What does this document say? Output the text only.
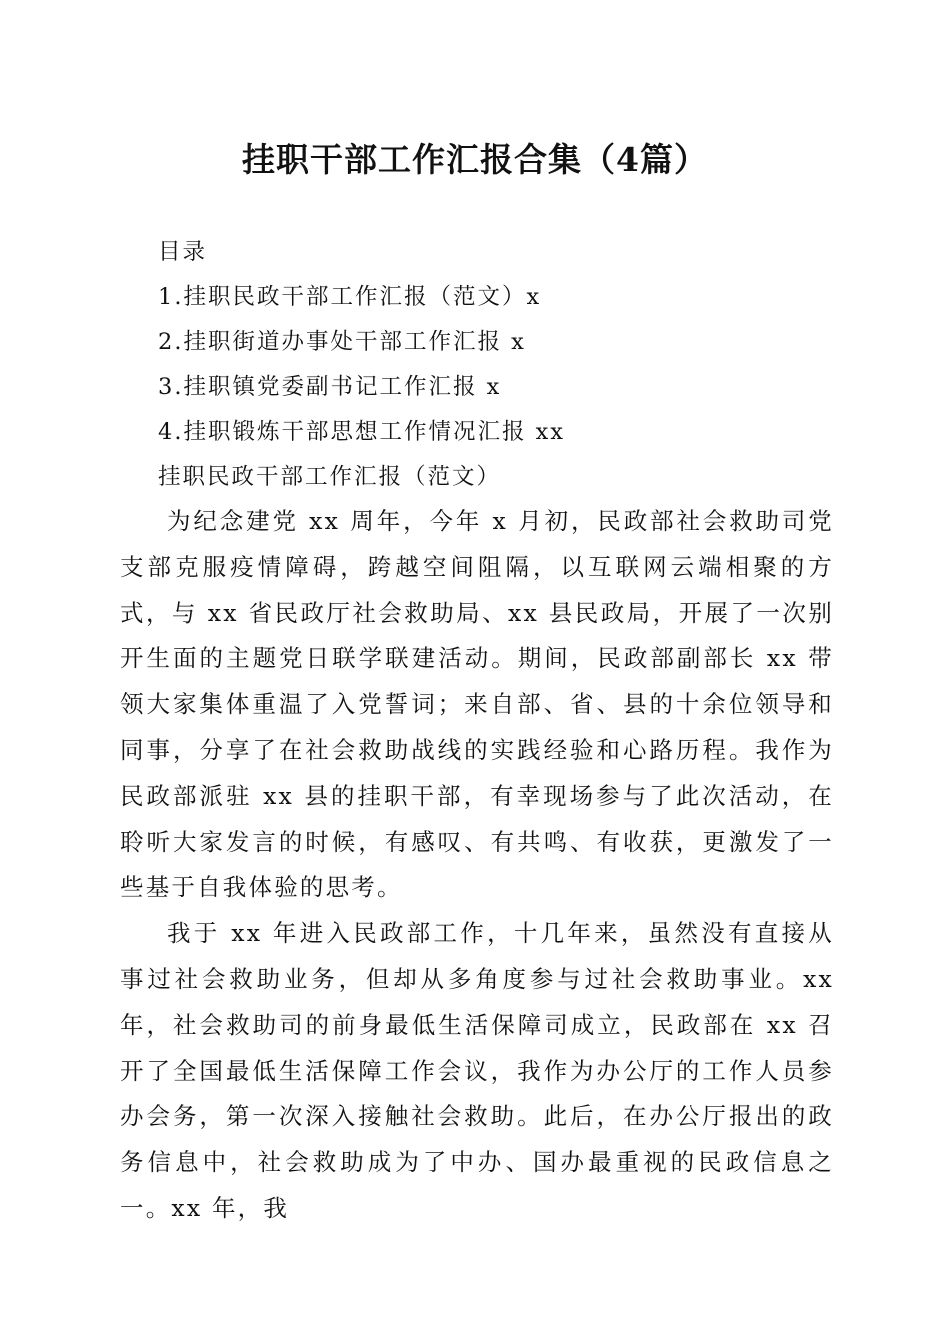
挂职干部工作汇报合集（4篇）
目录
1.挂职民政干部工作汇报（范文）x
2.挂职街道办事处干部工作汇报 x
3.挂职镇党委副书记工作汇报 x
4.挂职锻炼干部思想工作情况汇报 xx
挂职民政干部工作汇报（范文）

为纪念建党 xx 周年，今年 x 月初，民政部社会救助司党支部克服疫情障碍，跨越空间阻隔，以互联网云端相聚的方式，与 xx 省民政厅社会救助局、xx 县民政局，开展了一次别开生面的主题党日联学联建活动。期间，民政部副部长 xx 带领大家集体重温了入党誓词；来自部、省、县的十余位领导和同事，分享了在社会救助战线的实践经验和心路历程。我作为民政部派驻 xx 县的挂职干部，有幸现场参与了此次活动，在聆听大家发言的时候，有感叹、有共鸣、有收获，更激发了一些基于自我体验的思考。

我于 xx 年进入民政部工作，十几年来，虽然没有直接从事过社会救助业务，但却从多角度参与过社会救助事业。xx 年，社会救助司的前身最低生活保障司成立，民政部在 xx 召开了全国最低生活保障工作会议，我作为办公厅的工作人员参办会务，第一次深入接触社会救助。此后，在办公厅报出的政务信息中，社会救助成为了中办、国办最重视的民政信息之一。xx 年，我
